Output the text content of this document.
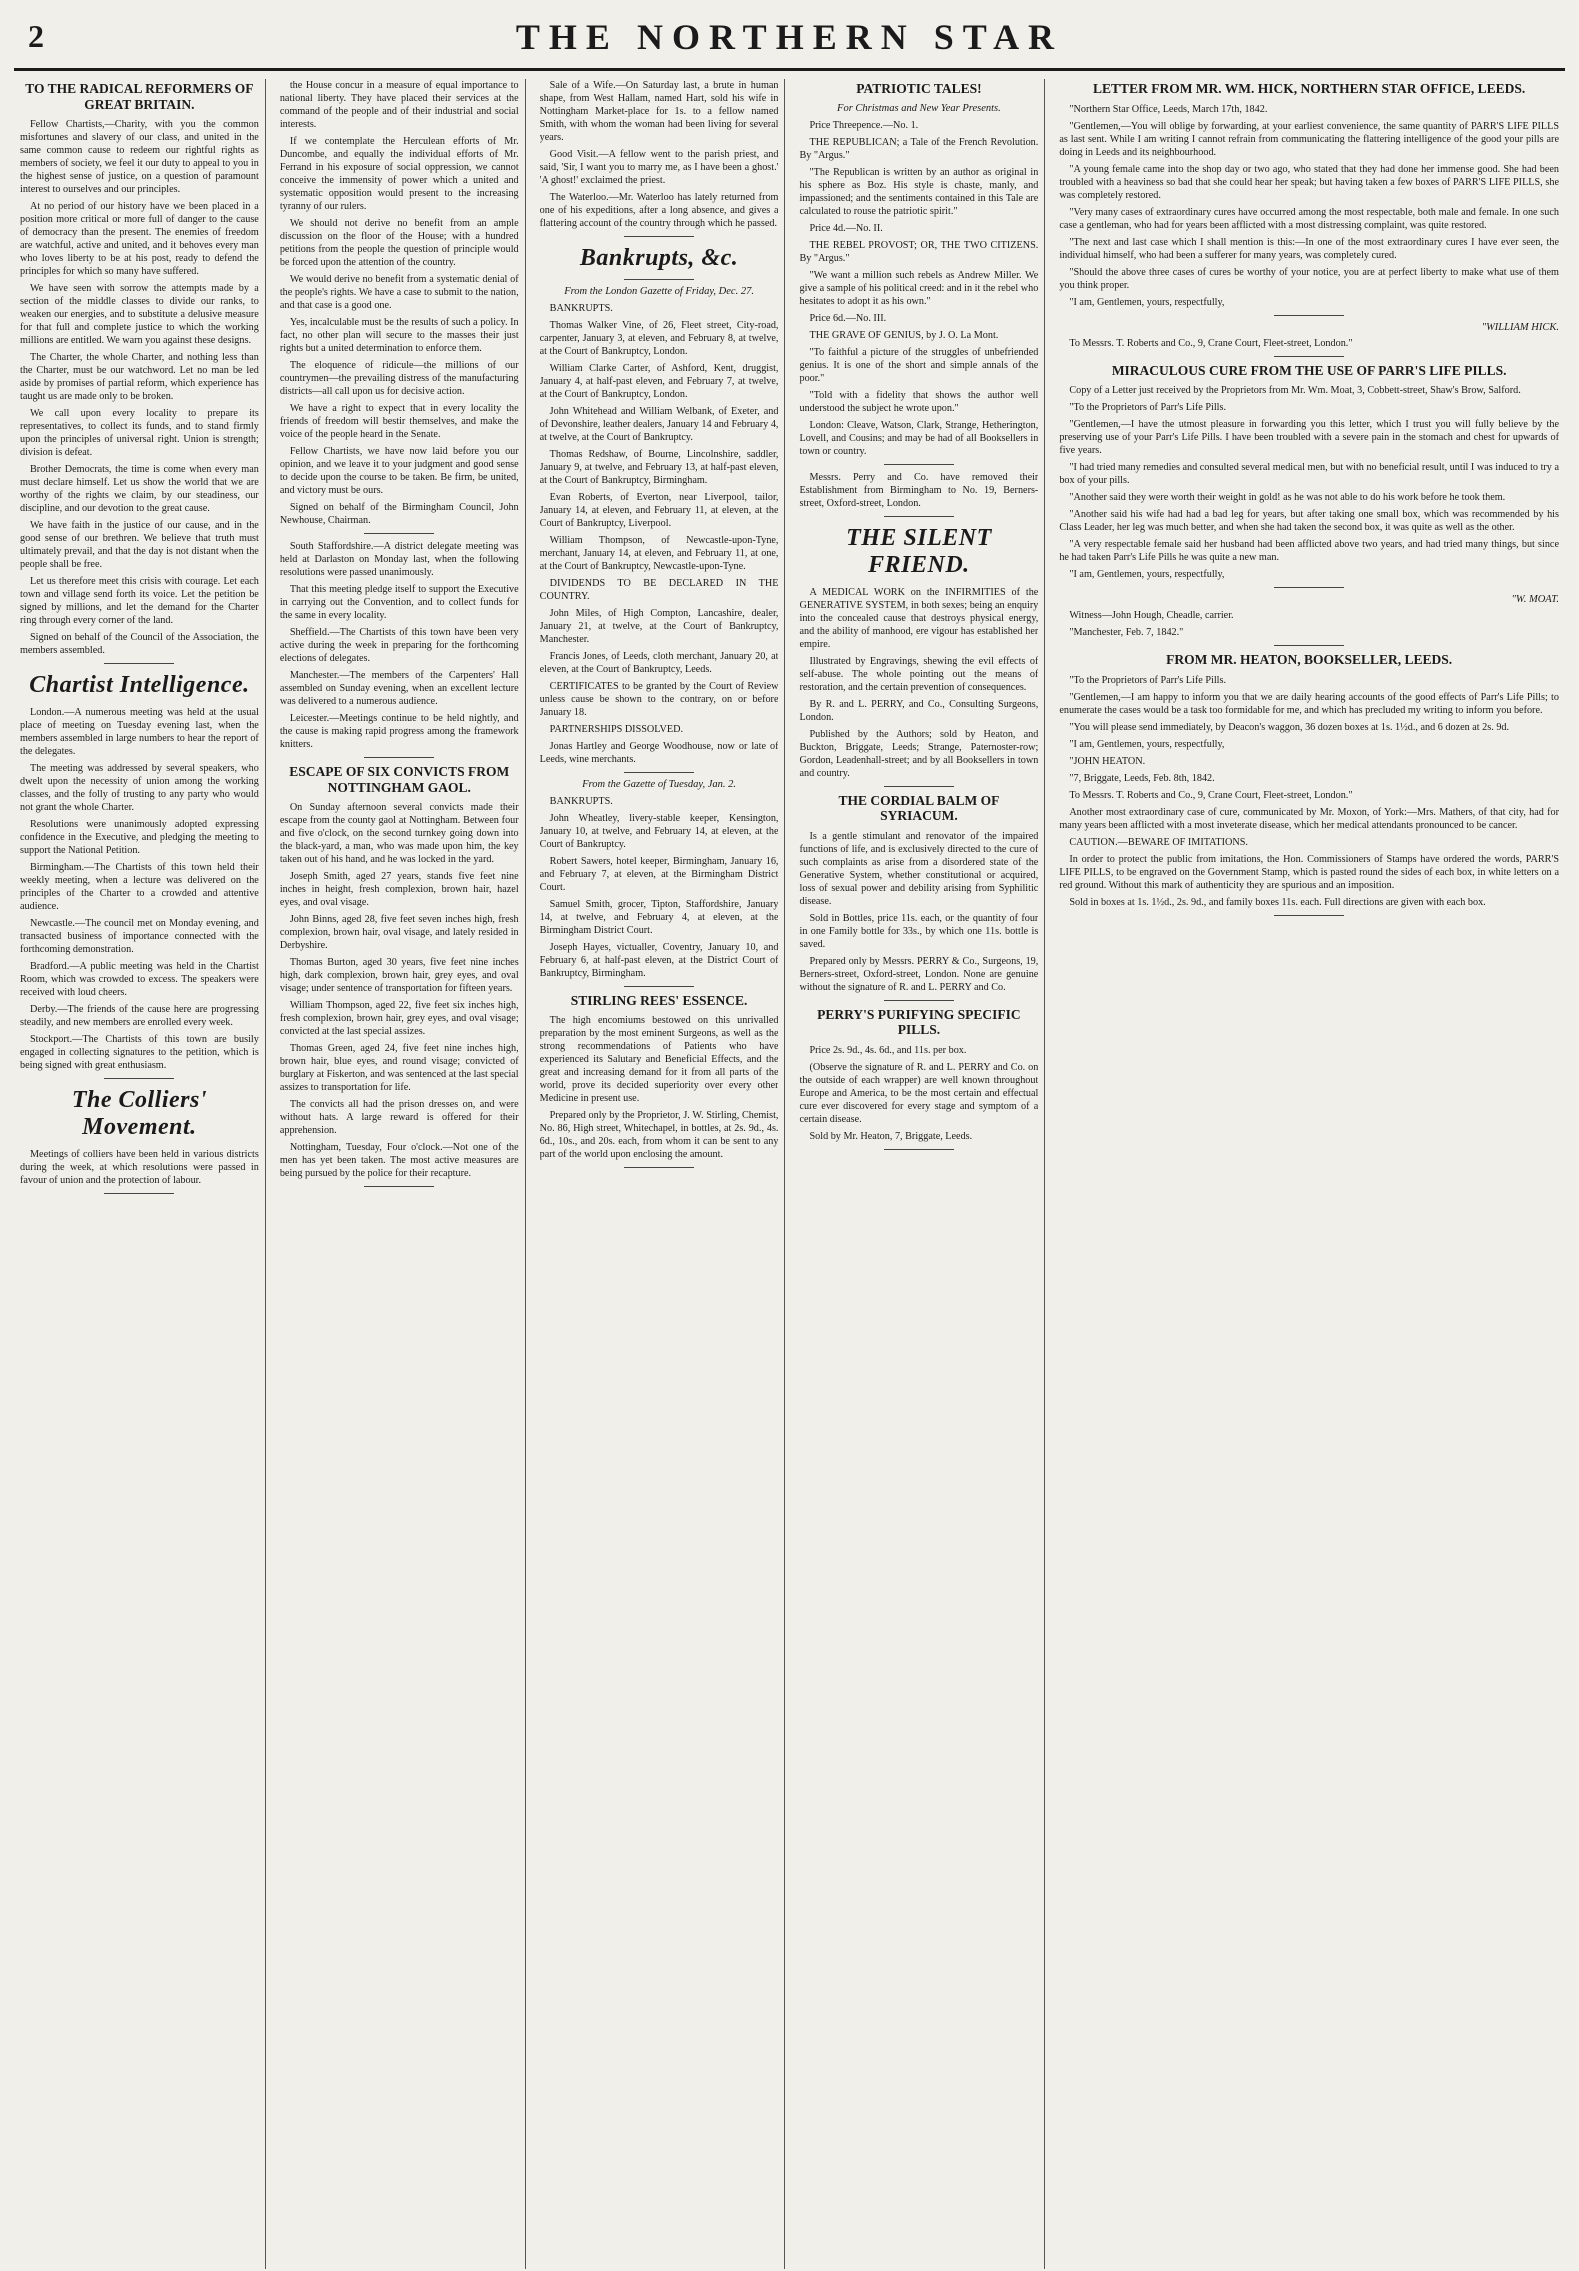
2	THE NORTHERN STAR
TO THE RADICAL REFORMERS OF GREAT BRITAIN.

Fellow Chartists,—Charity, with you the common misfortunes and slavery of our class, and united in the same common cause to redeem our rightful rights as members of society, we feel it our duty to appeal to you in the highest sense of justice, on a question of paramount interest to ourselves and our principles.

At no period of our history have we been placed in a position more critical or more full of danger to the cause of democracy than the present. The enemies of freedom are watchful, active and united, and it behoves every man who loves liberty to be at his post, ready to defend the principles for which so many have suffered.

We have seen with sorrow the attempts made by a section of the middle classes to divide our ranks, to weaken our energies, and to substitute a delusive measure for that full and complete justice to which the working millions are entitled. We warn you against these designs.

The Charter, the whole Charter, and nothing less than the Charter, must be our watchword. Let no man be led aside by promises of partial reform, which experience has taught us are made only to be broken.

We call upon every locality to prepare its representatives, to collect its funds, and to stand firmly upon the principles of universal right. Union is strength; division is defeat.

Brother Democrats, the time is come when every man must declare himself. Let us show the world that we are worthy of the rights we claim, by our steadiness, our discipline, and our devotion to the great cause.

We have faith in the justice of our cause, and in the good sense of our brethren. We believe that truth must ultimately prevail, and that the day is not distant when the people shall be free.

Let us therefore meet this crisis with courage. Let each town and village send forth its voice. Let the petition be signed by millions, and let the demand for the Charter ring through every corner of the land.

Signed on behalf of the Council of the Association, the members assembled.

Chartist Intelligence.

London.—A numerous meeting was held at the usual place of meeting on Tuesday evening last, when the members assembled in large numbers to hear the report of the delegates.

The meeting was addressed by several speakers, who dwelt upon the necessity of union among the working classes, and the folly of trusting to any party who would not grant the whole Charter.

Resolutions were unanimously adopted expressing confidence in the Executive, and pledging the meeting to support the National Petition.

Birmingham.—The Chartists of this town held their weekly meeting, when a lecture was delivered on the principles of the Charter to a crowded and attentive audience.

Newcastle.—The council met on Monday evening, and transacted business of importance connected with the forthcoming demonstration.

Bradford.—A public meeting was held in the Chartist Room, which was crowded to excess. The speakers were received with loud cheers.

Derby.—The friends of the cause here are progressing steadily, and new members are enrolled every week.

Stockport.—The Chartists of this town are busily engaged in collecting signatures to the petition, which is being signed with great enthusiasm.

The Colliers' Movement.

Meetings of colliers have been held in various districts during the week, at which resolutions were passed in favour of union and the protection of labour.

the House concur in a measure of equal importance to national liberty. They have placed their services at the command of the people and of their industrial and social interests.

If we contemplate the Herculean efforts of Mr. Duncombe, and equally the individual efforts of Mr. Ferrand in his exposure of social oppression, we cannot conceive the immensity of power which a united and systematic opposition would present to the increasing tyranny of our rulers.

We should not derive no benefit from an ample discussion on the floor of the House; with a hundred petitions from the people the question of principle would be forced upon the attention of the country.

We would derive no benefit from a systematic denial of the people's rights. We have a case to submit to the nation, and that case is a good one.

Yes, incalculable must be the results of such a policy. In fact, no other plan will secure to the masses their just rights but a united determination to enforce them.

The eloquence of ridicule—the millions of our countrymen—the prevailing distress of the manufacturing districts—all call upon us for decisive action.

We have a right to expect that in every locality the friends of freedom will bestir themselves, and make the voice of the people heard in the Senate.

Fellow Chartists, we have now laid before you our opinion, and we leave it to your judgment and good sense to decide upon the course to be taken. Be firm, be united, and victory must be ours.

Signed on behalf of the Birmingham Council, John Newhouse, Chairman.

South Staffordshire.—A district delegate meeting was held at Darlaston on Monday last, when the following resolutions were passed unanimously.

That this meeting pledge itself to support the Executive in carrying out the Convention, and to collect funds for the same in every locality.

Sheffield.—The Chartists of this town have been very active during the week in preparing for the forthcoming elections of delegates.

Manchester.—The members of the Carpenters' Hall assembled on Sunday evening, when an excellent lecture was delivered to a numerous audience.

Leicester.—Meetings continue to be held nightly, and the cause is making rapid progress among the framework knitters.

ESCAPE OF SIX CONVICTS FROM NOTTINGHAM GAOL.

On Sunday afternoon several convicts made their escape from the county gaol at Nottingham. Between four and five o'clock, on the second turnkey going down into the black-yard, a man, who was made upon him, the key taken out of his hand, and he was locked in the yard.

Joseph Smith, aged 27 years, stands five feet nine inches in height, fresh complexion, brown hair, hazel eyes, and oval visage.

John Binns, aged 28, five feet seven inches high, fresh complexion, brown hair, oval visage, and lately resided in Derbyshire.

Thomas Burton, aged 30 years, five feet nine inches high, dark complexion, brown hair, grey eyes, and oval visage; under sentence of transportation for fifteen years.

William Thompson, aged 22, five feet six inches high, fresh complexion, brown hair, grey eyes, and oval visage; convicted at the last special assizes.

Thomas Green, aged 24, five feet nine inches high, brown hair, blue eyes, and round visage; convicted of burglary at Fiskerton, and was sentenced at the last special assizes to transportation for life.

The convicts all had the prison dresses on, and were without hats. A large reward is offered for their apprehension.

Nottingham, Tuesday, Four o'clock.—Not one of the men has yet been taken. The most active measures are being pursued by the police for their recapture.

Sale of a Wife.—On Saturday last, a brute in human shape, from West Hallam, named Hart, sold his wife in Nottingham Market-place for 1s. to a fellow named Smith, with whom the woman had been living for several years.

Good Visit.—A fellow went to the parish priest, and said, 'Sir, I want you to marry me, as I have been a ghost.' 'A ghost!' exclaimed the priest.

The Waterloo.—Mr. Waterloo has lately returned from one of his expeditions, after a long absence, and gives a flattering account of the country through which he passed.

Bankrupts, &c.
From the London Gazette of Friday, Dec. 27.

BANKRUPTS.

Thomas Walker Vine, of 26, Fleet street, City-road, carpenter, January 3, at eleven, and February 8, at twelve, at the Court of Bankruptcy, London.

William Clarke Carter, of Ashford, Kent, druggist, January 4, at half-past eleven, and February 7, at twelve, at the Court of Bankruptcy, London.

John Whitehead and William Welbank, of Exeter, and of Devonshire, leather dealers, January 14 and February 4, at twelve, at the Court of Bankruptcy.

Thomas Redshaw, of Bourne, Lincolnshire, saddler, January 9, at twelve, and February 13, at half-past eleven, at the Court of Bankruptcy, Birmingham.

Evan Roberts, of Everton, near Liverpool, tailor, January 14, at eleven, and February 11, at eleven, at the Court of Bankruptcy, Liverpool.

William Thompson, of Newcastle-upon-Tyne, merchant, January 14, at eleven, and February 11, at one, at the Court of Bankruptcy, Newcastle-upon-Tyne.

DIVIDENDS TO BE DECLARED IN THE COUNTRY.

John Miles, of High Compton, Lancashire, dealer, January 21, at twelve, at the Court of Bankruptcy, Manchester.

Francis Jones, of Leeds, cloth merchant, January 20, at eleven, at the Court of Bankruptcy, Leeds.

CERTIFICATES to be granted by the Court of Review unless cause be shown to the contrary, on or before January 18.

PARTNERSHIPS DISSOLVED.

Jonas Hartley and George Woodhouse, now or late of Leeds, wine merchants.

From the Gazette of Tuesday, Jan. 2.

BANKRUPTS.

John Wheatley, livery-stable keeper, Kensington, January 10, at twelve, and February 14, at eleven, at the Court of Bankruptcy.

Robert Sawers, hotel keeper, Birmingham, January 16, and February 7, at eleven, at the Birmingham District Court.

Samuel Smith, grocer, Tipton, Staffordshire, January 14, at twelve, and February 4, at eleven, at the Birmingham District Court.

Joseph Hayes, victualler, Coventry, January 10, and February 6, at half-past eleven, at the District Court of Bankruptcy, Birmingham.

STIRLING REES' ESSENCE.

The high encomiums bestowed on this unrivalled preparation by the most eminent Surgeons, as well as the strong recommendations of Patients who have experienced its Salutary and Beneficial Effects, and the great and increasing demand for it from all parts of the world, prove its decided superiority over every other Medicine in present use.

Prepared only by the Proprietor, J. W. Stirling, Chemist, No. 86, High street, Whitechapel, in bottles, at 2s. 9d., 4s. 6d., 10s., and 20s. each, from whom it can be sent to any part of the world upon enclosing the amount.

PATRIOTIC TALES!
For Christmas and New Year Presents.

Price Threepence.—No. 1.

THE REPUBLICAN; a Tale of the French Revolution. By "Argus."

"The Republican is written by an author as original in his sphere as Boz. His style is chaste, manly, and impassioned; and the sentiments contained in this Tale are calculated to rouse the patriotic spirit."

Price 4d.—No. II.

THE REBEL PROVOST; OR, THE TWO CITIZENS. By "Argus."

"We want a million such rebels as Andrew Miller. We give a sample of his political creed: and in it the rebel who hesitates to adopt it as his own."

Price 6d.—No. III.

THE GRAVE OF GENIUS, by J. O. La Mont.

"To faithful a picture of the struggles of unbefriended genius. It is one of the short and simple annals of the poor."

"Told with a fidelity that shows the author well understood the subject he wrote upon."

London: Cleave, Watson, Clark, Strange, Hetherington, Lovell, and Cousins; and may be had of all Booksellers in town or country.

Messrs. Perry and Co. have removed their Establishment from Birmingham to No. 19, Berners-street, Oxford-street, London.

THE SILENT FRIEND.

A MEDICAL WORK on the INFIRMITIES of the GENERATIVE SYSTEM, in both sexes; being an enquiry into the concealed cause that destroys physical energy, and the ability of manhood, ere vigour has established her empire.

Illustrated by Engravings, shewing the evil effects of self-abuse. The whole pointing out the means of restoration, and the certain prevention of consequences.

By R. and L. PERRY, and Co., Consulting Surgeons, London.

Published by the Authors; sold by Heaton, and Buckton, Briggate, Leeds; Strange, Paternoster-row; Gordon, Leadenhall-street; and by all Booksellers in town and country.

THE CORDIAL BALM OF SYRIACUM.

Is a gentle stimulant and renovator of the impaired functions of life, and is exclusively directed to the cure of such complaints as arise from a disordered state of the Generative System, whether constitutional or acquired, loss of sexual power and debility arising from Syphilitic disease.

Sold in Bottles, price 11s. each, or the quantity of four in one Family bottle for 33s., by which one 11s. bottle is saved.

Prepared only by Messrs. PERRY & Co., Surgeons, 19, Berners-street, Oxford-street, London. None are genuine without the signature of R. and L. PERRY and Co.

PERRY'S PURIFYING SPECIFIC PILLS.

Price 2s. 9d., 4s. 6d., and 11s. per box.

(Observe the signature of R. and L. PERRY and Co. on the outside of each wrapper) are well known throughout Europe and America, to be the most certain and effectual cure ever discovered for every stage and symptom of a certain disease.

Sold by Mr. Heaton, 7, Briggate, Leeds.

LETTER FROM MR. WM. HICK, NORTHERN STAR OFFICE, LEEDS.

"Northern Star Office, Leeds, March 17th, 1842.

"Gentlemen,—You will oblige by forwarding, at your earliest convenience, the same quantity of PARR'S LIFE PILLS as last sent. While I am writing I cannot refrain from communicating the flattering intelligence of the good your pills are doing in Leeds and its neighbourhood.

"A young female came into the shop day or two ago, who stated that they had done her immense good. She had been troubled with a heaviness so bad that she could hear her speak; but having taken a few boxes of PARR'S LIFE PILLS, she was completely restored.

"Very many cases of extraordinary cures have occurred among the most respectable, both male and female. In one such case a gentleman, who had for years been afflicted with a most distressing complaint, was quite restored.

"The next and last case which I shall mention is this:—In one of the most extraordinary cures I have ever seen, the individual himself, who had been a sufferer for many years, was completely cured.

"Should the above three cases of cures be worthy of your notice, you are at perfect liberty to make what use of them you think proper.

"I am, Gentlemen, yours, respectfully,

"WILLIAM HICK.

To Messrs. T. Roberts and Co., 9, Crane Court, Fleet-street, London."

MIRACULOUS CURE FROM THE USE OF PARR'S LIFE PILLS.

Copy of a Letter just received by the Proprietors from Mr. Wm. Moat, 3, Cobbett-street, Shaw's Brow, Salford.

"To the Proprietors of Parr's Life Pills.

"Gentlemen,—I have the utmost pleasure in forwarding you this letter, which I trust you will fully believe by the preserving use of your Parr's Life Pills. I have been troubled with a severe pain in the stomach and chest for upwards of five years.

"I had tried many remedies and consulted several medical men, but with no beneficial result, until I was induced to try a box of your pills.

"Another said they were worth their weight in gold! as he was not able to do his work before he took them.

"Another said his wife had had a bad leg for years, but after taking one small box, which was recommended by his Class Leader, her leg was much better, and when she had taken the second box, it was quite as well as the other.

"A very respectable female said her husband had been afflicted above two years, and had tried many things, but since he had taken Parr's Life Pills he was quite a new man.

"I am, Gentlemen, yours, respectfully,

"W. MOAT.

Witness—John Hough, Cheadle, carrier.

"Manchester, Feb. 7, 1842."

FROM MR. HEATON, BOOKSELLER, LEEDS.

"To the Proprietors of Parr's Life Pills.

"Gentlemen,—I am happy to inform you that we are daily hearing accounts of the good effects of Parr's Life Pills; to enumerate the cases would be a task too formidable for me, and which has precluded my writing to inform you before.

"You will please send immediately, by Deacon's waggon, 36 dozen boxes at 1s. 1½d., and 6 dozen at 2s. 9d.

"I am, Gentlemen, yours, respectfully,

"JOHN HEATON.

"7, Briggate, Leeds, Feb. 8th, 1842.

To Messrs. T. Roberts and Co., 9, Crane Court, Fleet-street, London."

Another most extraordinary case of cure, communicated by Mr. Moxon, of York:—Mrs. Mathers, of that city, had for many years been afflicted with a most inveterate disease, which her medical attendants pronounced to be cancer.

CAUTION.—BEWARE OF IMITATIONS.

In order to protect the public from imitations, the Hon. Commissioners of Stamps have ordered the words, PARR'S LIFE PILLS, to be engraved on the Government Stamp, which is pasted round the sides of each box, in white letters on a red ground. Without this mark of authenticity they are spurious and an imposition.

Sold in boxes at 1s. 1½d., 2s. 9d., and family boxes 11s. each. Full directions are given with each box.
